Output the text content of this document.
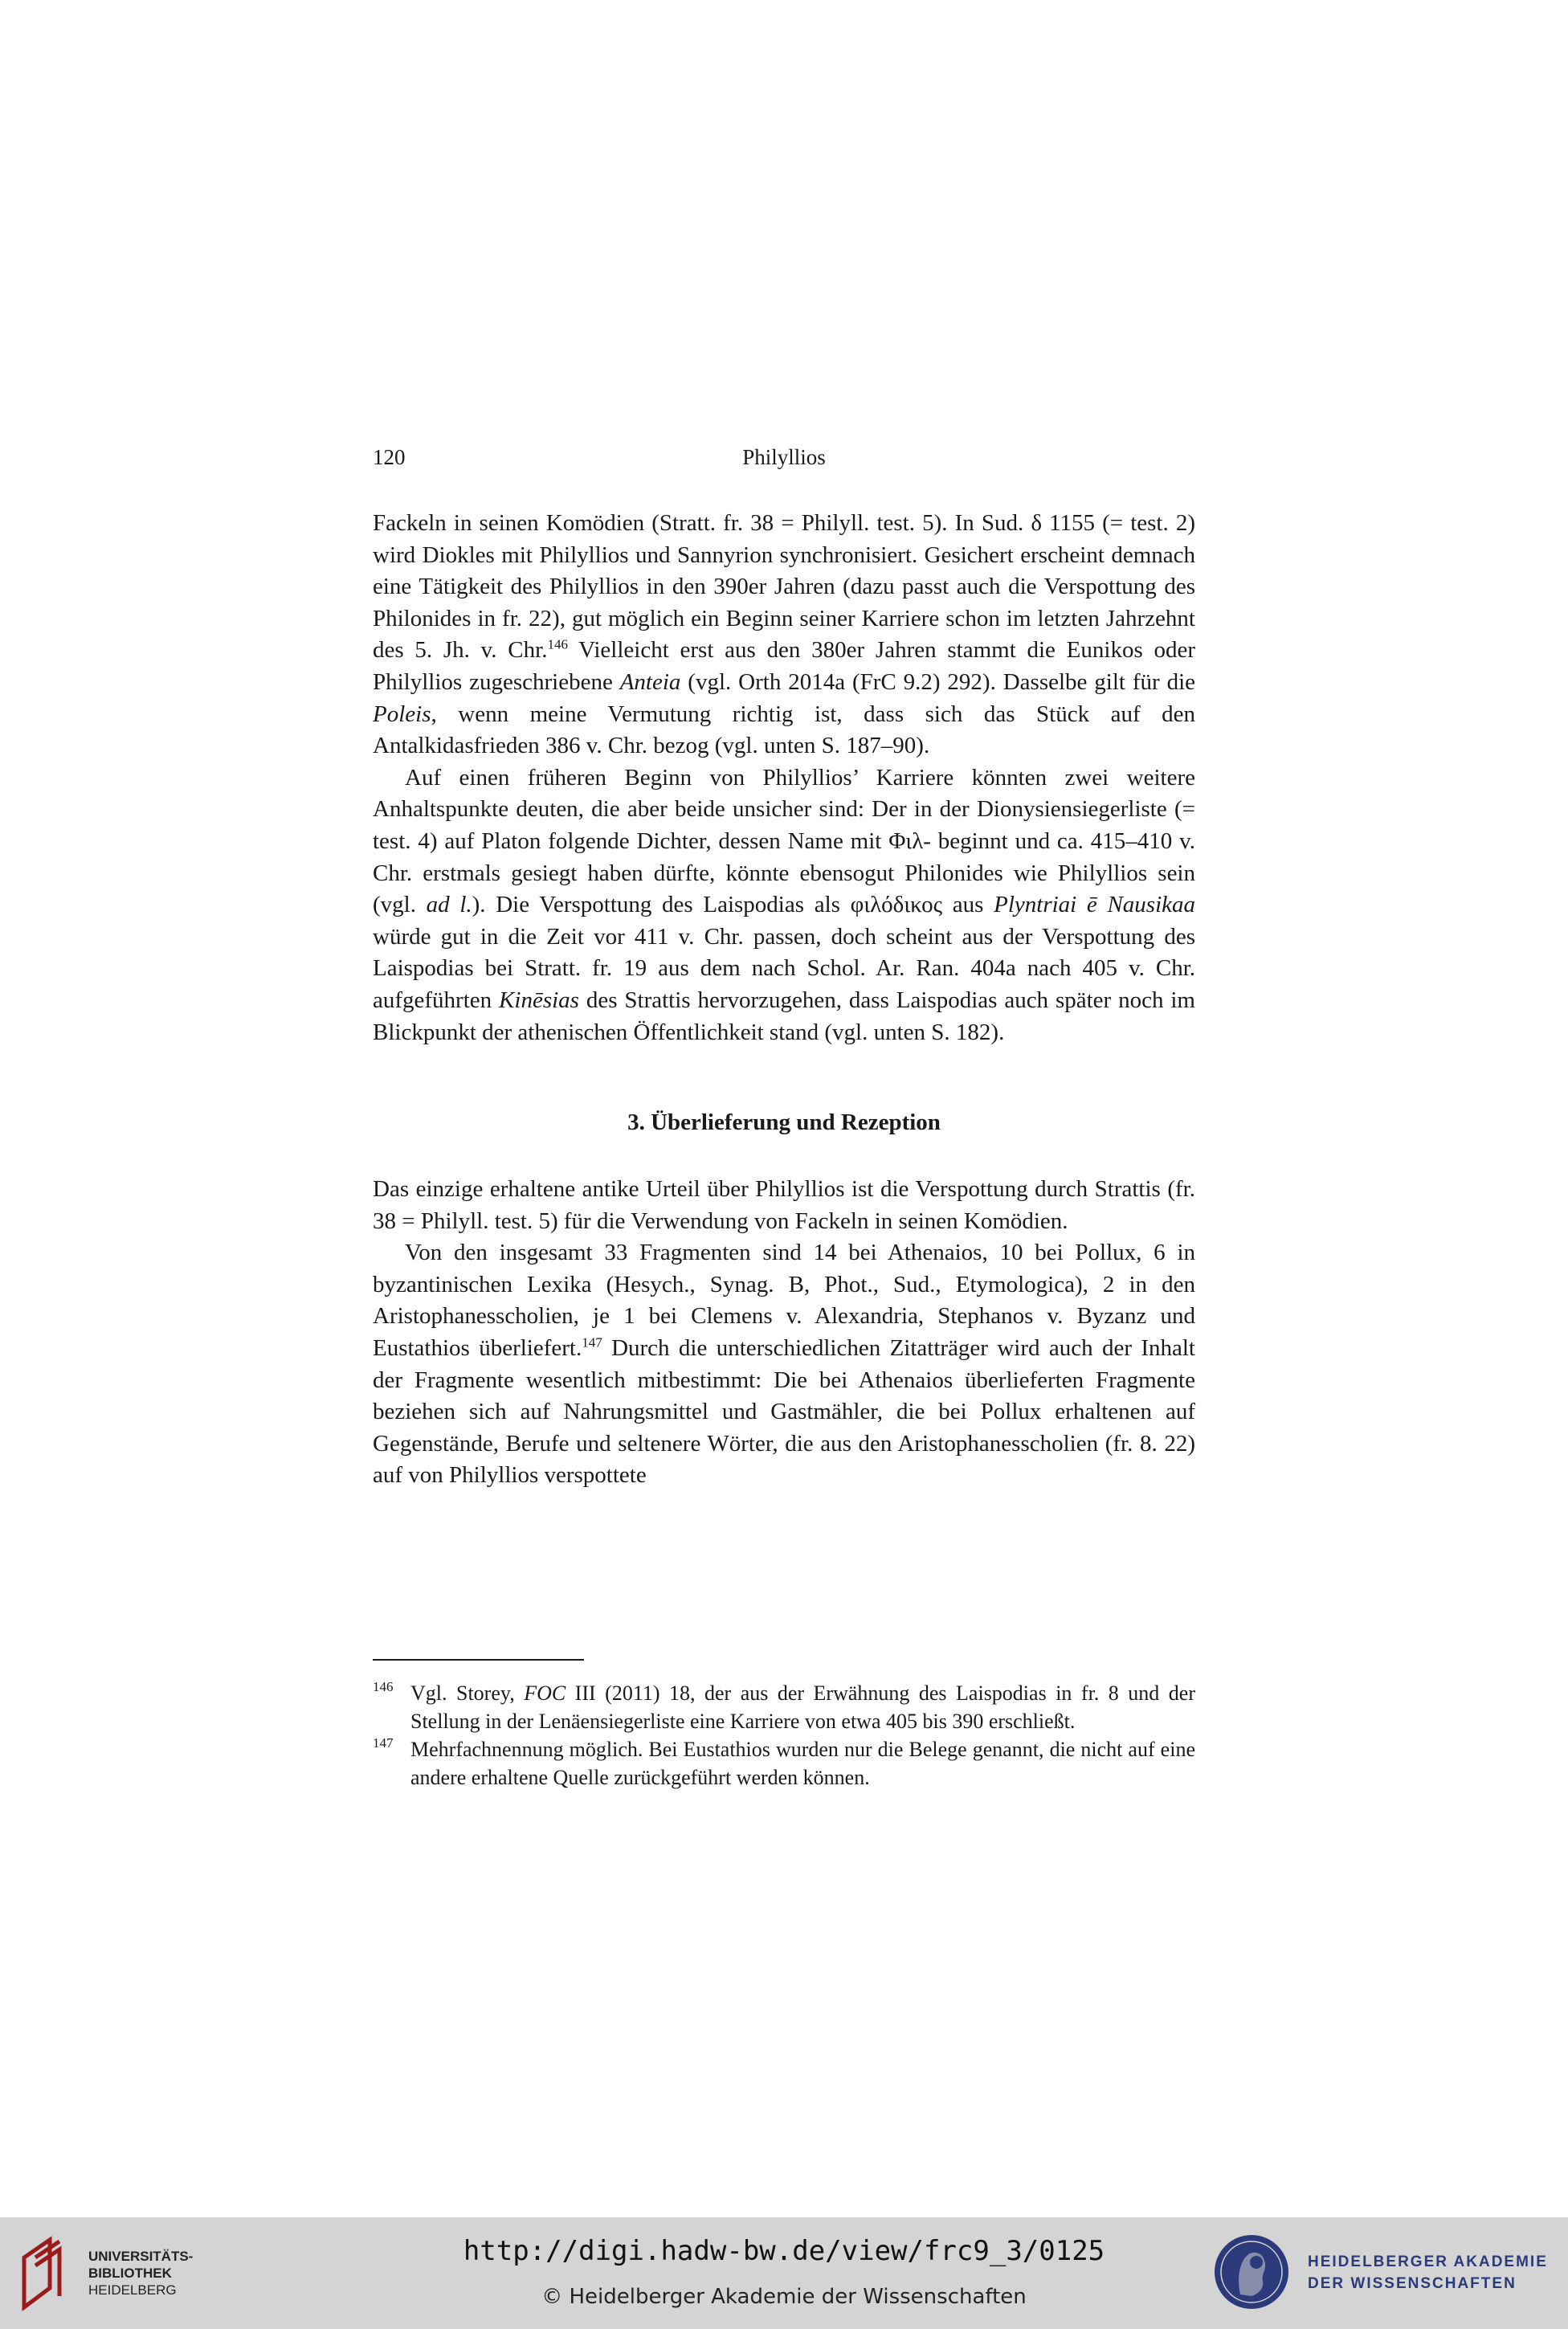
120	Philyllios

Fackeln in seinen Komödien (Stratt. fr. 38 = Philyll. test. 5). In Sud. δ 1155 (= test. 2) wird Diokles mit Philyllios und Sannyrion synchronisiert. Gesichert erscheint demnach eine Tätigkeit des Philyllios in den 390er Jahren (dazu passt auch die Verspottung des Philonides in fr. 22), gut möglich ein Beginn seiner Karriere schon im letzten Jahrzehnt des 5. Jh. v. Chr.$^{146}$ Vielleicht erst aus den 380er Jahren stammt die Eunikos oder Philyllios zugeschriebene Anteia (vgl. Orth 2014a (FrC 9.2) 292). Dasselbe gilt für die Poleis, wenn meine Vermutung richtig ist, dass sich das Stück auf den Antalkidasfrieden 386 v. Chr. bezog (vgl. unten S. 187–90).

Auf einen früheren Beginn von Philyllios’ Karriere könnten zwei weitere Anhaltspunkte deuten, die aber beide unsicher sind: Der in der Dionysiensiegerliste (= test. 4) auf Platon folgende Dichter, dessen Name mit Φιλ- beginnt und ca. 415–410 v. Chr. erstmals gesiegt haben dürfte, könnte ebensogut Philonides wie Philyllios sein (vgl. ad l.). Die Verspottung des Laispodias als φιλόδικος aus Plyntriai ē Nausikaa würde gut in die Zeit vor 411 v. Chr. passen, doch scheint aus der Verspottung des Laispodias bei Stratt. fr. 19 aus dem nach Schol. Ar. Ran. 404a nach 405 v. Chr. aufgeführten Kinēsias des Strattis hervorzugehen, dass Laispodias auch später noch im Blickpunkt der athenischen Öffentlichkeit stand (vgl. unten S. 182).

3. Überlieferung und Rezeption

Das einzige erhaltene antike Urteil über Philyllios ist die Verspottung durch Strattis (fr. 38 = Philyll. test. 5) für die Verwendung von Fackeln in seinen Komödien.

Von den insgesamt 33 Fragmenten sind 14 bei Athenaios, 10 bei Pollux, 6 in byzantinischen Lexika (Hesych., Synag. B, Phot., Sud., Etymologica), 2 in den Aristophanesscholien, je 1 bei Clemens v. Alexandria, Stephanos v. Byzanz und Eustathios überliefert.$^{147}$ Durch die unterschiedlichen Zitatträger wird auch der Inhalt der Fragmente wesentlich mitbestimmt: Die bei Athenaios überlieferten Fragmente beziehen sich auf Nahrungsmittel und Gastmähler, die bei Pollux erhaltenen auf Gegenstände, Berufe und seltenere Wörter, die aus den Aristophanesscholien (fr. 8. 22) auf von Philyllios verspottete

146 Vgl. Storey, FOC III (2011) 18, der aus der Erwähnung des Laispodias in fr. 8 und der Stellung in der Lenäensiegerliste eine Karriere von etwa 405 bis 390 erschließt.
147 Mehrfachnennung möglich. Bei Eustathios wurden nur die Belege genannt, die nicht auf eine andere erhaltene Quelle zurückgeführt werden können.
UNIVERSITÄTS-
BIBLIOTHEK
HEIDELBERG
http://digi.hadw-bw.de/view/frc9_3/0125
© Heidelberger Akademie der Wissenschaften
HEIDELBERGER AKADEMIE
DER WISSENSCHAFTEN
